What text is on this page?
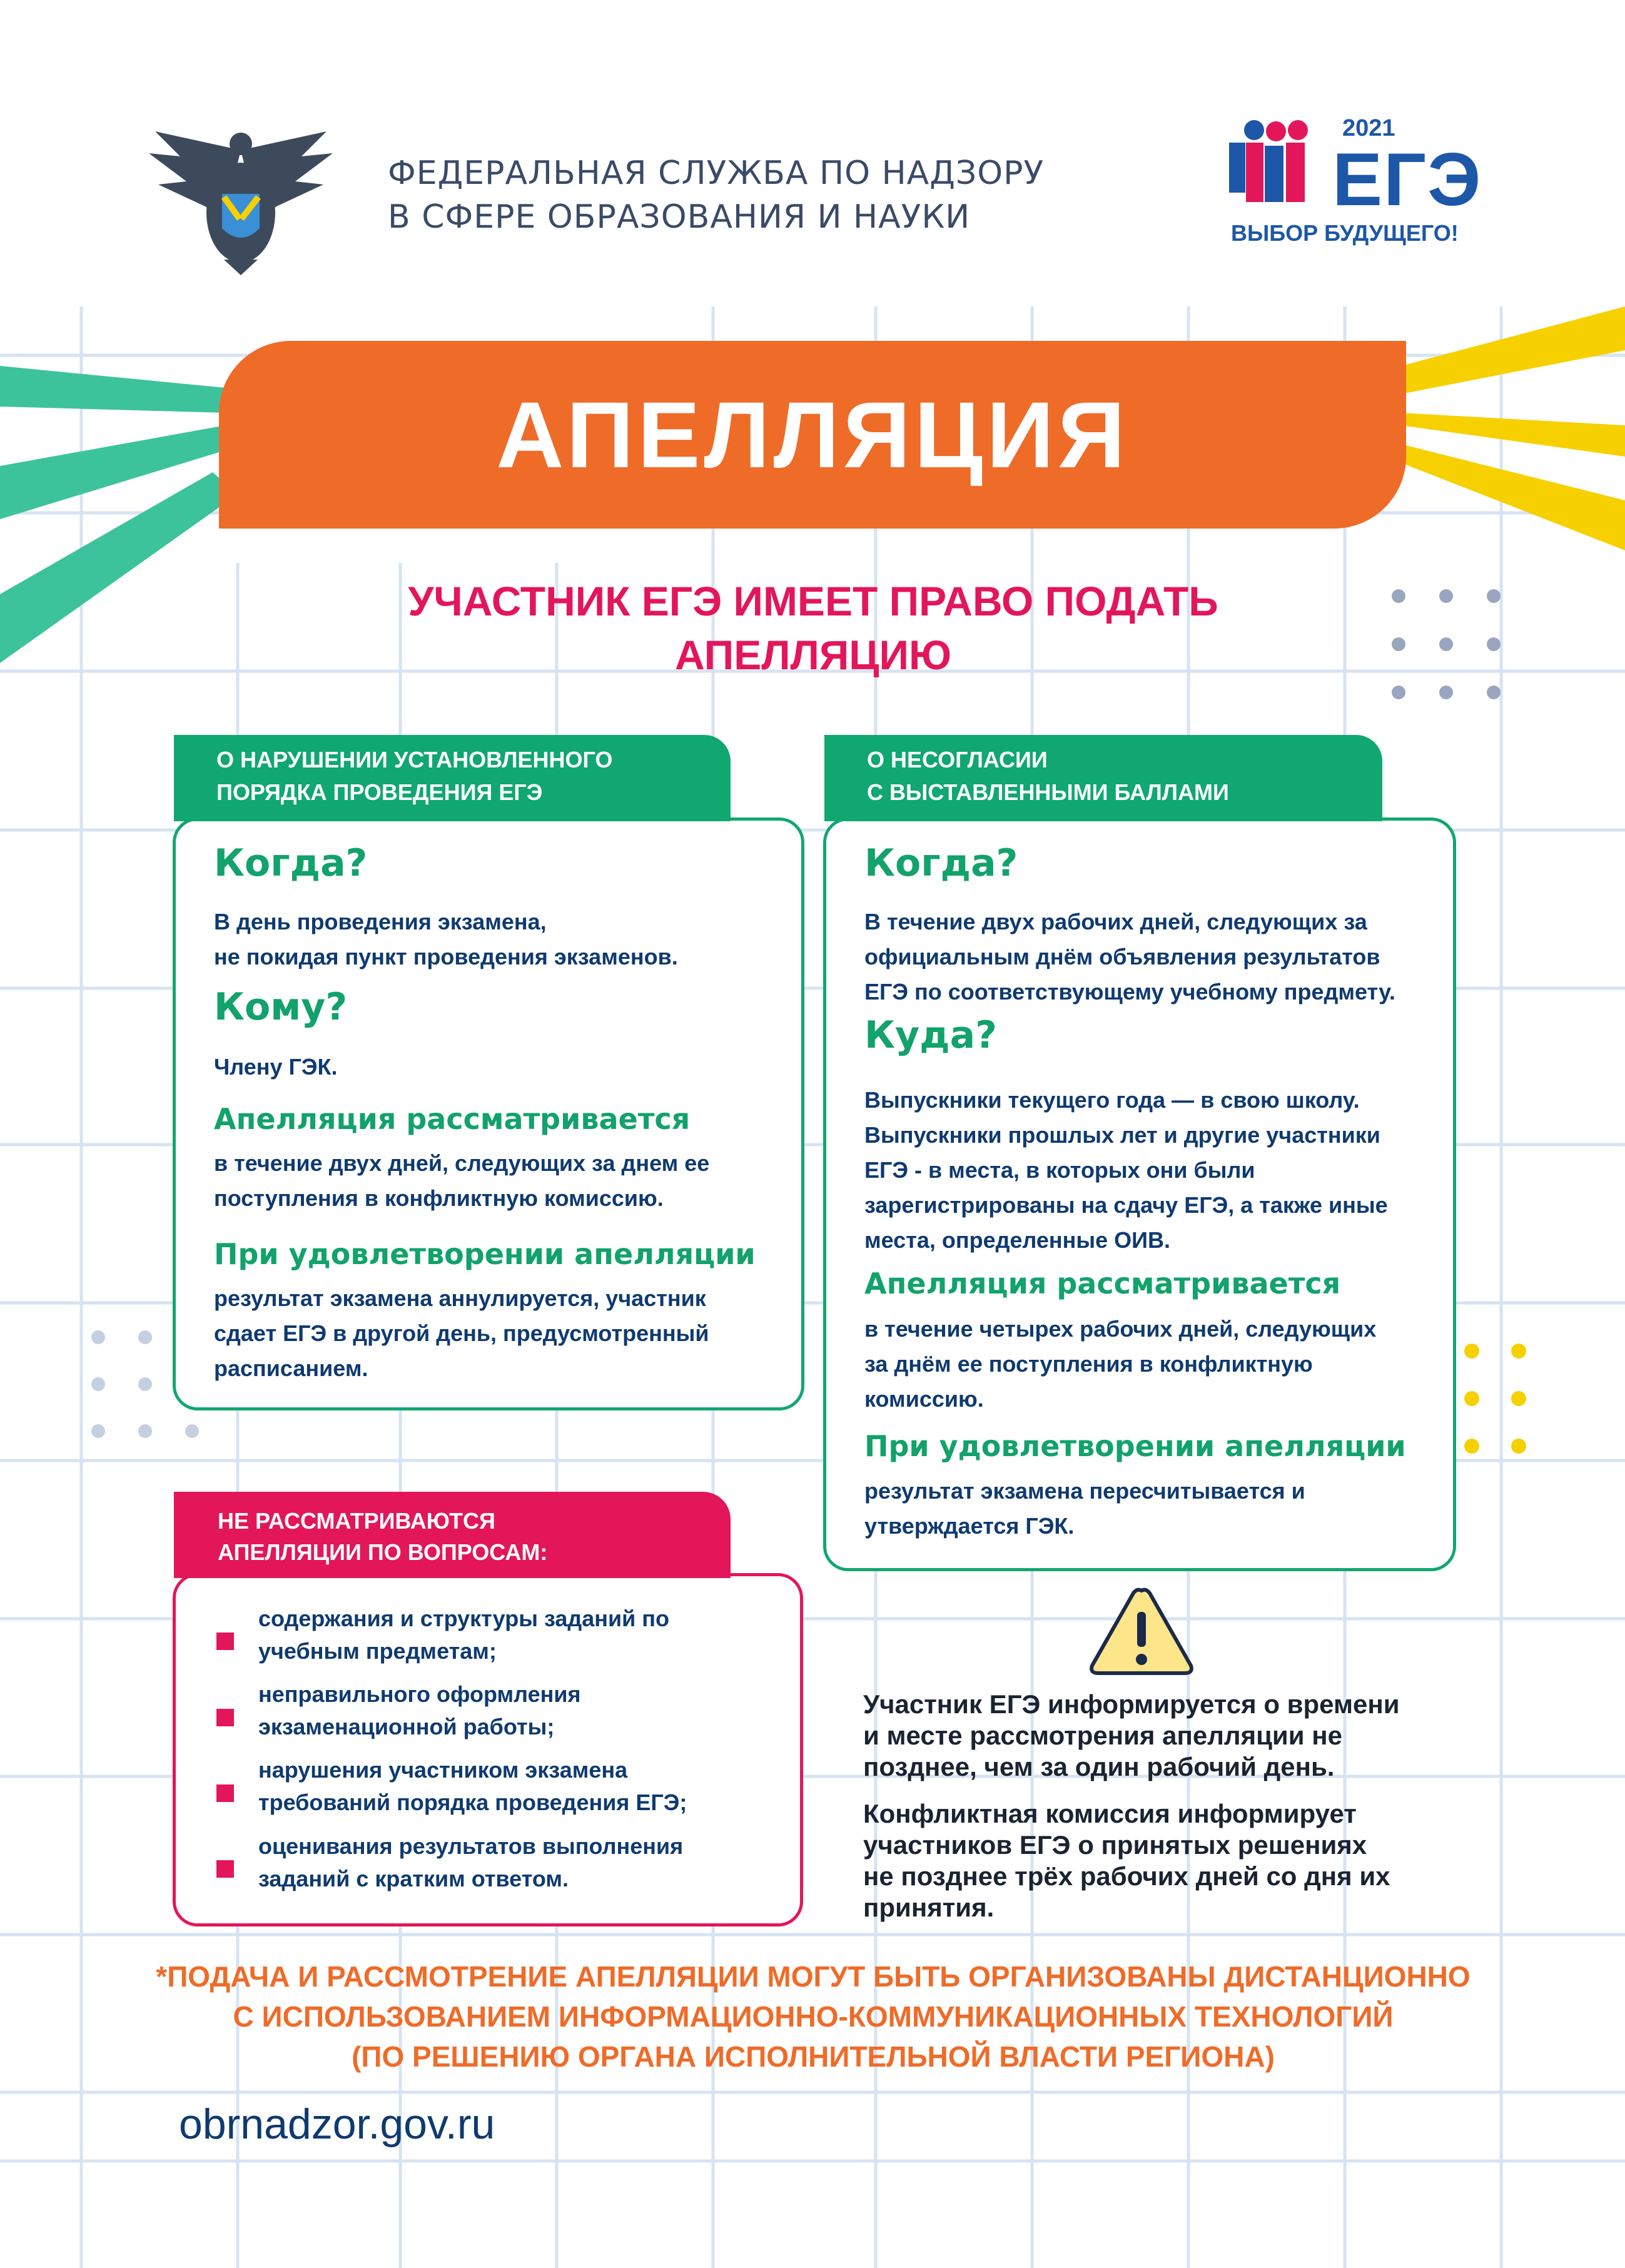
ФЕДЕРАЛЬНАЯ СЛУЖБА ПО НАДЗОРУ
В СФЕРЕ ОБРАЗОВАНИЯ И НАУКИ
2021
ЕГЭ
ВЫБОР БУДУЩЕГО!
АПЕЛЛЯЦИЯ
УЧАСТНИК ЕГЭ ИМЕЕТ ПРАВО ПОДАТЬ
АПЕЛЛЯЦИЮ
О НАРУШЕНИИ УСТАНОВЛЕННОГО
ПОРЯДКА ПРОВЕДЕНИЯ ЕГЭ
Когда?
В день проведения экзамена,
не покидая пункт проведения экзаменов.
Кому?
Члену ГЭК.
Апелляция рассматривается
в течение двух дней, следующих за днем ее
поступления в конфликтную комиссию.
При удовлетворении апелляции
результат экзамена аннулируется, участник
сдает ЕГЭ в другой день, предусмотренный
расписанием.
О НЕСОГЛАСИИ
С ВЫСТАВЛЕННЫМИ БАЛЛАМИ
Когда?
В течение двух рабочих дней, следующих за
официальным днём объявления результатов
ЕГЭ по соответствующему учебному предмету.
Куда?
Выпускники текущего года — в свою школу.
Выпускники прошлых лет и другие участники
ЕГЭ - в места, в которых они были
зарегистрированы на сдачу ЕГЭ, а также иные
места, определенные ОИВ.
Апелляция рассматривается
в течение четырех рабочих дней, следующих
за днём ее поступления в конфликтную
комиссию.
При удовлетворении апелляции
результат экзамена пересчитывается и
утверждается ГЭК.
НЕ РАССМАТРИВАЮТСЯ
АПЕЛЛЯЦИИ ПО ВОПРОСАМ:
содержания и структуры заданий по
учебным предметам;
неправильного оформления
экзаменационной работы;
нарушения участником экзамена
требований порядка проведения ЕГЭ;
оценивания результатов выполнения
заданий с кратким ответом.
Участник ЕГЭ информируется о времени
и месте рассмотрения апелляции не
позднее, чем за один рабочий день.
Конфликтная комиссия информирует
участников ЕГЭ о принятых решениях
не позднее трёх рабочих дней со дня их
принятия.
*ПОДАЧА И РАССМОТРЕНИЕ АПЕЛЛЯЦИИ МОГУТ БЫТЬ ОРГАНИЗОВАНЫ ДИСТАНЦИОННО
С ИСПОЛЬЗОВАНИЕМ ИНФОРМАЦИОННО-КОММУНИКАЦИОННЫХ ТЕХНОЛОГИЙ
(ПО РЕШЕНИЮ ОРГАНА ИСПОЛНИТЕЛЬНОЙ ВЛАСТИ РЕГИОНА)
obrnadzor.gov.ru
